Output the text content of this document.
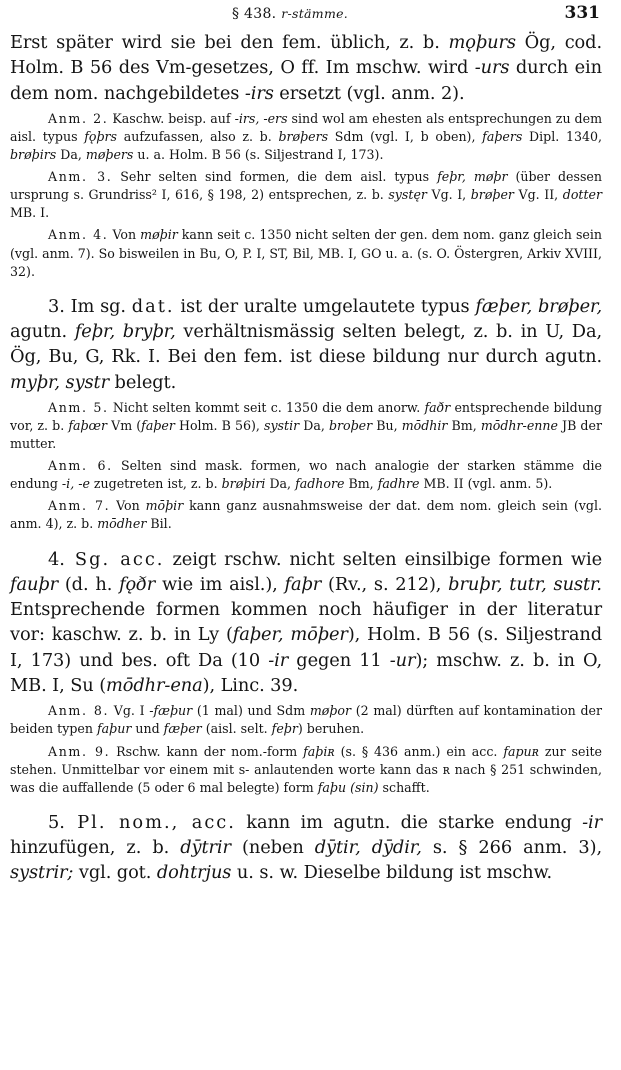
§ 438. r-stämme.	331

Erst später wird sie bei den fem. üblich, z. b. mǫþurs Ög, cod. Holm. B 56 des Vm-gesetzes, O ff. Im mschw. wird -urs durch ein dem nom. nachgebildetes -irs ersetzt (vgl. anm. 2).

Anm. 2. Kaschw. beisp. auf -irs, -ers sind wol am ehesten als entsprechungen zu dem aisl. typus fǫþrs aufzufassen, also z. b. brøþers Sdm (vgl. I, b oben), faþers Dipl. 1340, brøþirs Da, møþers u. a. Holm. B 56 (s. Siljestrand I, 173).

Anm. 3. Sehr selten sind formen, die dem aisl. typus feþr, møþr (über dessen ursprung s. Grundriss² I, 616, § 198, 2) entsprechen, z. b. systęr Vg. I, brøþer Vg. II, dotter MB. I.

Anm. 4. Von møþir kann seit c. 1350 nicht selten der gen. dem nom. ganz gleich sein (vgl. anm. 7). So bisweilen in Bu, O, P. I, ST, Bil, MB. I, GO u. a. (s. O. Östergren, Arkiv XVIII, 32).

3. Im sg. dat. ist der uralte umgelautete typus fæþer, brøþer, agutn. feþr, bryþr, verhältnismässig selten belegt, z. b. in U, Da, Ög, Bu, G, Rk. I. Bei den fem. ist diese bildung nur durch agutn. myþr, systr belegt.

Anm. 5. Nicht selten kommt seit c. 1350 die dem anorw. faðr entsprechende bildung vor, z. b. faþœr Vm (faþer Holm. B 56), systir Da, broþer Bu, mōdhir Bm, mōdhr-enne JB der mutter.

Anm. 6. Selten sind mask. formen, wo nach analogie der starken stämme die endung -i, -e zugetreten ist, z. b. brøþiri Da, fadhore Bm, fadhre MB. II (vgl. anm. 5).

Anm. 7. Von mōþir kann ganz ausnahmsweise der dat. dem nom. gleich sein (vgl. anm. 4), z. b. mōdher Bil.

4. Sg. acc. zeigt rschw. nicht selten einsilbige formen wie fauþr (d. h. fǫðr wie im aisl.), faþr (Rv., s. 212), bruþr, tutr, sustr. Entsprechende formen kommen noch häufiger in der literatur vor: kaschw. z. b. in Ly (faþer, mōþer), Holm. B 56 (s. Siljestrand I, 173) und bes. oft Da (10 -ir gegen 11 -ur); mschw. z. b. in O, MB. I, Su (mōdhr-ena), Linc. 39.

Anm. 8. Vg. I -fæþur (1 mal) und Sdm møþor (2 mal) dürften auf kontamination der beiden typen faþur und fæþer (aisl. selt. feþr) beruhen.

Anm. 9. Rschw. kann der nom.-form faþiʀ (s. § 436 anm.) ein acc. fapuʀ zur seite stehen. Unmittelbar vor einem mit s- anlautenden worte kann das ʀ nach § 251 schwinden, was die auffallende (5 oder 6 mal belegte) form faþu (sin) schafft.

5. Pl. nom., acc. kann im agutn. die starke endung -ir hinzufügen, z. b. dȳtrir (neben dȳtir, dȳdir, s. § 266 anm. 3), systrir; vgl. got. dohtrjus u. s. w. Dieselbe bildung ist mschw.
